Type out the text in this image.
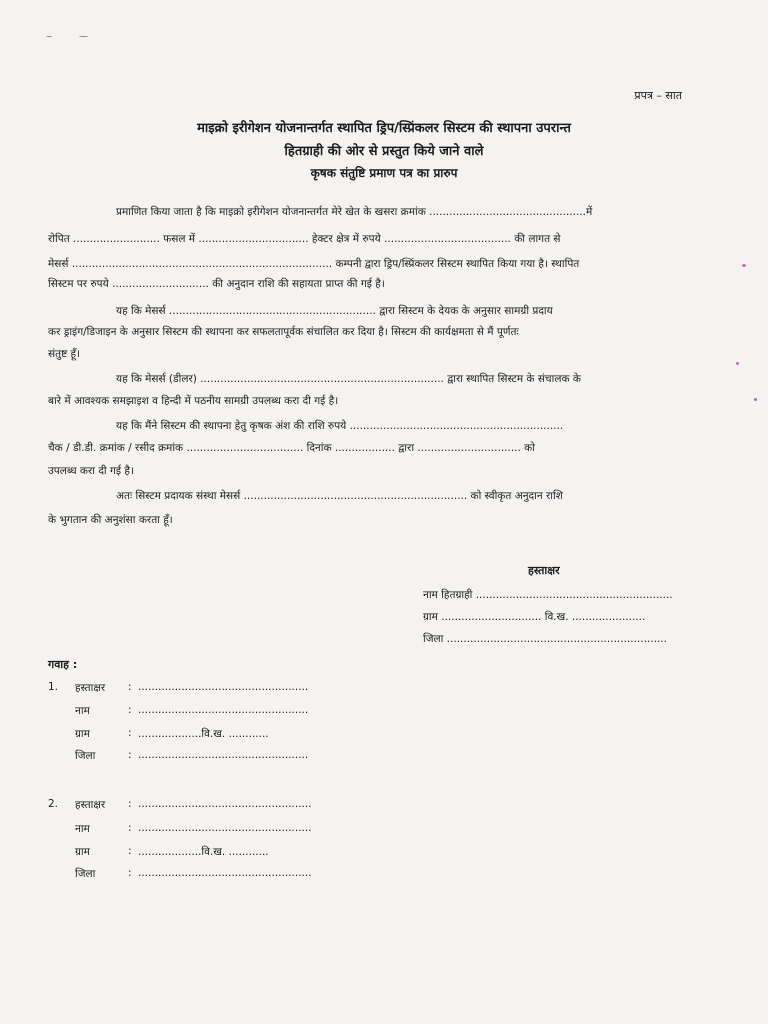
प्रपत्र – सात
माइक्रो इरीगेशन योजनान्तर्गत स्थापित ड्रिप/स्प्रिंकलर सिस्टम की स्थापना उपरान्त
हितग्राही की ओर से प्रस्तुत किये जाने वाले
कृषक संतुष्टि प्रमाण पत्र का प्रारुप
प्रमाणित किया जाता है कि माइक्रो इरीगेशन योजनान्तर्गत मेरे खेत के खसरा क्रमांक ...............................................में
रोपित .......................... फसल में ................................. हेक्टर क्षेत्र में रुपये ...................................... की लागत से
मेसर्स .............................................................................. कम्पनी द्वारा ड्रिप/स्प्रिंकलर सिस्टम स्थापित किया गया है। स्थापित
सिस्टम पर रुपये ............................. की अनुदान राशि की सहायता प्राप्त की गई है।
यह कि मेसर्स .............................................................. द्वारा सिस्टम के देयक के अनुसार सामग्री प्रदाय
कर ड्राइंग/डिजाइन के अनुसार सिस्टम की स्थापना कर सफलतापूर्वक संचालित कर दिया है। सिस्टम की कार्यक्षमता से मैं पूर्णतः
संतुष्ट हूँ।
यह कि मेसर्स (डीलर) ......................................................................... द्वारा स्थापित सिस्टम के संचालक के
बारे में आवश्यक समझाइश व हिन्दी में पठनीय सामग्री उपलब्ध करा दी गई है।
यह कि मैंने सिस्टम की स्थापना हेतु कृषक अंश की राशि रुपये ................................................................
चैक / डी.डी. क्रमांक / रसीद क्रमांक ................................... दिनांक .................. द्वारा ............................... को
उपलब्ध करा दी गई है।
अतः सिस्टम प्रदायक संस्था मेसर्स ................................................................... को स्वीकृत अनुदान राशि
के भुगतान की अनुशंसा करता हूँ।
हस्ताक्षर
नाम हितग्राही ...........................................................
ग्राम .............................. वि.ख. ......................
जिला ..................................................................
गवाह :
1. हस्ताक्षर : ...................................................
नाम	: ...................................................
ग्राम	: ...................वि.ख. ............
जिला	: ...................................................
2. हस्ताक्षर : ....................................................
नाम	: ....................................................
ग्राम	: ...................वि.ख. ............
जिला	: ....................................................
